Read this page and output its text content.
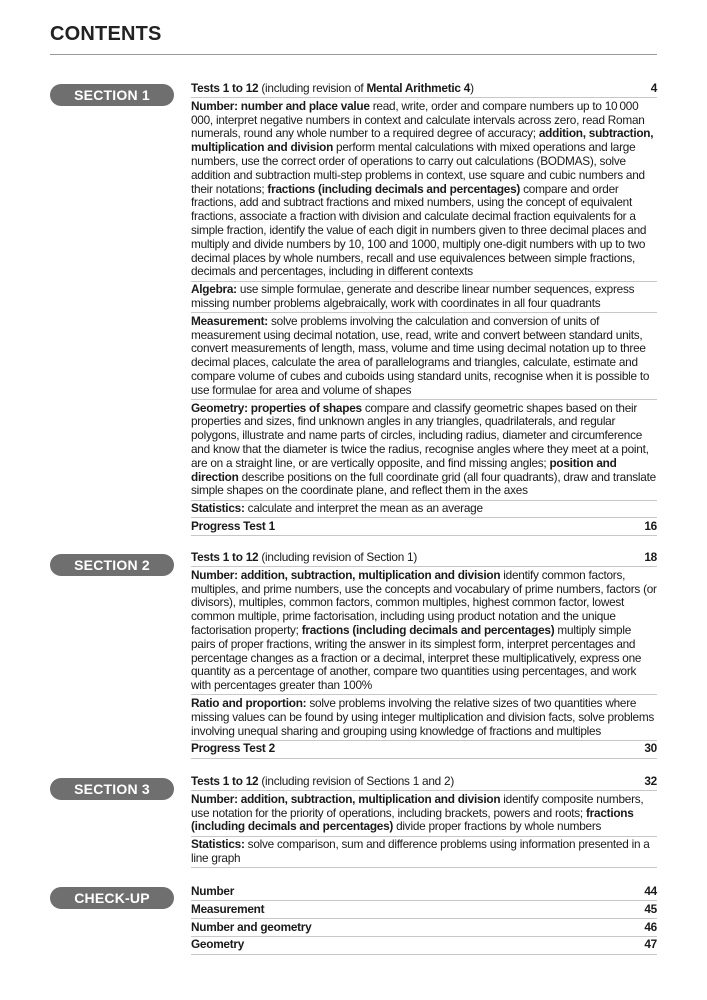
CONTENTS
SECTION 1	Tests 1 to 12 (including revision of Mental Arithmetic 4)	4
Number: number and place value read, write, order and compare numbers up to 10 000 000, interpret negative numbers in context and calculate intervals across zero, read Roman numerals, round any whole number to a required degree of accuracy; addition, subtraction, multiplication and division perform mental calculations with mixed operations and large numbers, use the correct order of operations to carry out calculations (BODMAS), solve addition and subtraction multi-step problems in context, use square and cubic numbers and their notations; fractions (including decimals and percentages) compare and order fractions, add and subtract fractions and mixed numbers, using the concept of equivalent fractions, associate a fraction with division and calculate decimal fraction equivalents for a simple fraction, identify the value of each digit in numbers given to three decimal places and multiply and divide numbers by 10, 100 and 1000, multiply one-digit numbers with up to two decimal places by whole numbers, recall and use equivalences between simple fractions, decimals and percentages, including in different contexts
Algebra: use simple formulae, generate and describe linear number sequences, express missing number problems algebraically, work with coordinates in all four quadrants
Measurement: solve problems involving the calculation and conversion of units of measurement using decimal notation, use, read, write and convert between standard units, convert measurements of length, mass, volume and time using decimal notation up to three decimal places, calculate the area of parallelograms and triangles, calculate, estimate and compare volume of cubes and cuboids using standard units, recognise when it is possible to use formulae for area and volume of shapes
Geometry: properties of shapes compare and classify geometric shapes based on their properties and sizes, find unknown angles in any triangles, quadrilaterals, and regular polygons, illustrate and name parts of circles, including radius, diameter and circumference and know that the diameter is twice the radius, recognise angles where they meet at a point, are on a straight line, or are vertically opposite, and find missing angles; position and direction describe positions on the full coordinate grid (all four quadrants), draw and translate simple shapes on the coordinate plane, and reflect them in the axes
Statistics: calculate and interpret the mean as an average
Progress Test 1	16
SECTION 2	Tests 1 to 12 (including revision of Section 1)	18
Number: addition, subtraction, multiplication and division identify common factors, multiples, and prime numbers, use the concepts and vocabulary of prime numbers, factors (or divisors), multiples, common factors, common multiples, highest common factor, lowest common multiple, prime factorisation, including using product notation and the unique factorisation property; fractions (including decimals and percentages) multiply simple pairs of proper fractions, writing the answer in its simplest form, interpret percentages and percentage changes as a fraction or a decimal, interpret these multiplicatively, express one quantity as a percentage of another, compare two quantities using percentages, and work with percentages greater than 100%
Ratio and proportion: solve problems involving the relative sizes of two quantities where missing values can be found by using integer multiplication and division facts, solve problems involving unequal sharing and grouping using knowledge of fractions and multiples
Progress Test 2	30
SECTION 3	Tests 1 to 12 (including revision of Sections 1 and 2)	32
Number: addition, subtraction, multiplication and division identify composite numbers, use notation for the priority of operations, including brackets, powers and roots; fractions (including decimals and percentages) divide proper fractions by whole numbers
Statistics: solve comparison, sum and difference problems using information presented in a line graph
CHECK-UP TESTS
Number	44
Measurement	45
Number and geometry	46
Geometry	47
